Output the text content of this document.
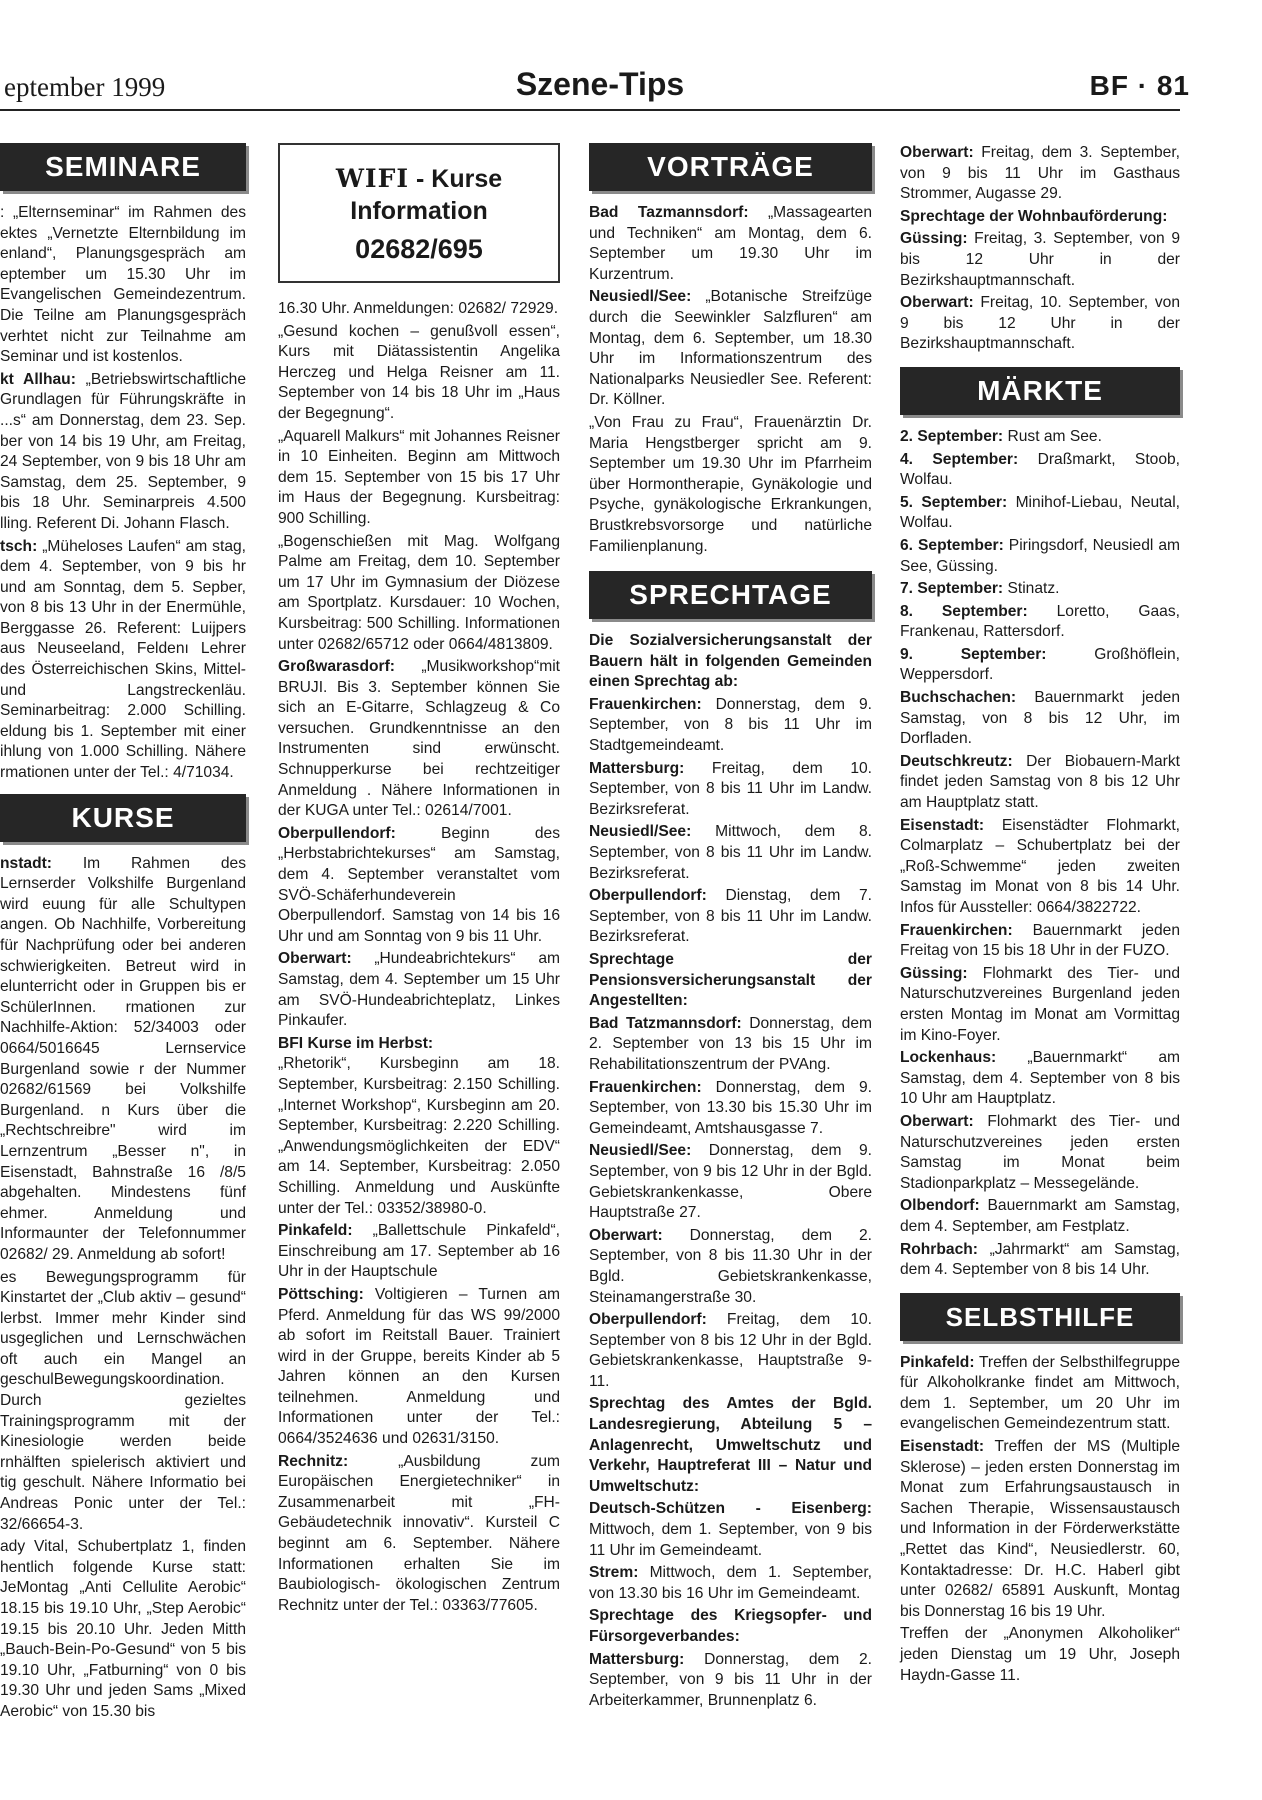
eptember 1999	Szene-Tips	BF · 81
SEMINARE

: „Elternseminar“ im Rahmen des ektes „Vernetzte Elternbildung im enland“, Planungsgespräch am eptember um 15.30 Uhr im Evangelischen Gemeindezentrum. Die Teilne am Planungsgespräch verhtet nicht zur Teilnahme am Seminar und ist kostenlos.

kt Allhau: „Betriebswirtschaftliche Grundlagen für Führungskräfte in ...s“ am Donnerstag, dem 23. Sep. ber von 14 bis 19 Uhr, am Freitag, 24 September, von 9 bis 18 Uhr am Samstag, dem 25. September, 9 bis 18 Uhr. Seminarpreis 4.500 lling. Referent Di. Johann Flasch.

tsch: „Müheloses Laufen“ am stag, dem 4. September, von 9 bis hr und am Sonntag, dem 5. Sepber, von 8 bis 13 Uhr in der Enermühle, Berggasse 26. Referent: Luijpers aus Neuseeland, Feldenı Lehrer des Österreichischen Skins, Mittel- und Langstreckenläu. Seminarbeitrag: 2.000 Schilling. eldung bis 1. September mit einer ihlung von 1.000 Schilling. Nähere rmationen unter der Tel.: 4/71034.

KURSE

nstadt: Im Rahmen des Lernserder Volkshilfe Burgenland wird euung für alle Schultypen angen. Ob Nachhilfe, Vorbereitung für Nachprüfung oder bei anderen schwierigkeiten. Betreut wird in elunterricht oder in Gruppen bis er SchülerInnen. rmationen zur Nachhilfe-Aktion: 52/34003 oder 0664/5016645 Lernservice Burgenland sowie r der Nummer 02682/61569 bei Volkshilfe Burgenland. n Kurs über die „Rechtschreibre" wird im Lernzentrum „Besser n", in Eisenstadt, Bahnstraße 16 /8/5 abgehalten. Mindestens fünf ehmer. Anmeldung und Informaunter der Telefonnummer 02682/ 29. Anmeldung ab sofort!

es Bewegungsprogramm für Kinstartet der „Club aktiv – gesund“ lerbst. Immer mehr Kinder sind usgeglichen und Lernschwächen oft auch ein Mangel an geschulBewegungskoordination. Durch gezieltes Trainingsprogramm mit der Kinesiologie werden beide rnhälften spielerisch aktiviert und tig geschult. Nähere Informatio bei Andreas Ponic unter der Tel.: 32/66654-3.

ady Vital, Schubertplatz 1, finden hentlich folgende Kurse statt: JeMontag „Anti Cellulite Aerobic“ 18.15 bis 19.10 Uhr, „Step Aerobic“ 19.15 bis 20.10 Uhr. Jeden Mitth „Bauch-Bein-Po-Gesund“ von 5 bis 19.10 Uhr, „Fatburning“ von 0 bis 19.30 Uhr und jeden Sams „Mixed Aerobic“ von 15.30 bis

WIFI - Kurse
Information
02682/695

16.30 Uhr. Anmeldungen: 02682/ 72929.

„Gesund kochen – genußvoll essen“, Kurs mit Diätassistentin Angelika Herczeg und Helga Reisner am 11. September von 14 bis 18 Uhr im „Haus der Begegnung“.

„Aquarell Malkurs“ mit Johannes Reisner in 10 Einheiten. Beginn am Mittwoch dem 15. September von 15 bis 17 Uhr im Haus der Begegnung. Kursbeitrag: 900 Schilling.

„Bogenschießen mit Mag. Wolfgang Palme am Freitag, dem 10. September um 17 Uhr im Gymnasium der Diözese am Sportplatz. Kursdauer: 10 Wochen, Kursbeitrag: 500 Schilling. Informationen unter 02682/65712 oder 0664/4813809.

Großwarasdorf: „Musikworkshop“mit BRUJI. Bis 3. September können Sie sich an E-Gitarre, Schlagzeug & Co versuchen. Grundkenntnisse an den Instrumenten sind erwünscht. Schnupperkurse bei rechtzeitiger Anmeldung . Nähere Informationen in der KUGA unter Tel.: 02614/7001.

Oberpullendorf: Beginn des „Herbstabrichtekurses“ am Samstag, dem 4. September veranstaltet vom SVÖ-Schäferhundeverein Oberpullendorf. Samstag von 14 bis 16 Uhr und am Sonntag von 9 bis 11 Uhr.

Oberwart: „Hundeabrichtekurs“ am Samstag, dem 4. September um 15 Uhr am SVÖ-Hundeabrichteplatz, Linkes Pinkaufer.

BFI Kurse im Herbst:
„Rhetorik“, Kursbeginn am 18. September, Kursbeitrag: 2.150 Schilling. „Internet Workshop“, Kursbeginn am 20. September, Kursbeitrag: 2.220 Schilling. „Anwendungsmöglichkeiten der EDV“ am 14. September, Kursbeitrag: 2.050 Schilling. Anmeldung und Auskünfte unter der Tel.: 03352/38980-0.

Pinkafeld: „Ballettschule Pinkafeld“, Einschreibung am 17. September ab 16 Uhr in der Hauptschule

Pöttsching: Voltigieren – Turnen am Pferd. Anmeldung für das WS 99/2000 ab sofort im Reitstall Bauer. Trainiert wird in der Gruppe, bereits Kinder ab 5 Jahren können an den Kursen teilnehmen. Anmeldung und Informationen unter der Tel.: 0664/3524636 und 02631/3150.

Rechnitz: „Ausbildung zum Europäischen Energietechniker“ in Zusammenarbeit mit „FH-Gebäudetechnik innovativ“. Kursteil C beginnt am 6. September. Nähere Informationen erhalten Sie im Baubiologisch- ökologischen Zentrum Rechnitz unter der Tel.: 03363/77605.

VORTRÄGE

Bad Tazmannsdorf: „Massagearten und Techniken“ am Montag, dem 6. September um 19.30 Uhr im Kurzentrum.

Neusiedl/See: „Botanische Streifzüge durch die Seewinkler Salzfluren“ am Montag, dem 6. September, um 18.30 Uhr im Informationszentrum des Nationalparks Neusiedler See. Referent: Dr. Köllner.

„Von Frau zu Frau“, Frauenärztin Dr. Maria Hengstberger spricht am 9. September um 19.30 Uhr im Pfarrheim über Hormontherapie, Gynäkologie und Psyche, gynäkologische Erkrankungen, Brustkrebsvorsorge und natürliche Familienplanung.

SPRECHTAGE

Die Sozialversicherungsanstalt der Bauern hält in folgenden Gemeinden einen Sprechtag ab:

Frauenkirchen: Donnerstag, dem 9. September, von 8 bis 11 Uhr im Stadtgemeindeamt.

Mattersburg: Freitag, dem 10. September, von 8 bis 11 Uhr im Landw. Bezirksreferat.

Neusiedl/See: Mittwoch, dem 8. September, von 8 bis 11 Uhr im Landw. Bezirksreferat.

Oberpullendorf: Dienstag, dem 7. September, von 8 bis 11 Uhr im Landw. Bezirksreferat.

Sprechtage der Pensionsversicherungsanstalt der Angestellten:

Bad Tatzmannsdorf: Donnerstag, dem 2. September von 13 bis 15 Uhr im Rehabilitationszentrum der PVAng.

Frauenkirchen: Donnerstag, dem 9. September, von 13.30 bis 15.30 Uhr im Gemeindeamt, Amtshausgasse 7.

Neusiedl/See: Donnerstag, dem 9. September, von 9 bis 12 Uhr in der Bgld. Gebietskrankenkasse, Obere Hauptstraße 27.

Oberwart: Donnerstag, dem 2. September, von 8 bis 11.30 Uhr in der Bgld. Gebietskrankenkasse, Steinamangerstraße 30.

Oberpullendorf: Freitag, dem 10. September von 8 bis 12 Uhr in der Bgld. Gebietskrankenkasse, Hauptstraße 9-11.

Sprechtag des Amtes der Bgld. Landesregierung, Abteilung 5 – Anlagenrecht, Umweltschutz und Verkehr, Hauptreferat III – Natur und Umweltschutz:

Deutsch-Schützen - Eisenberg: Mittwoch, dem 1. September, von 9 bis 11 Uhr im Gemeindeamt.

Strem: Mittwoch, dem 1. September, von 13.30 bis 16 Uhr im Gemeindeamt.

Sprechtage des Kriegsopfer- und Fürsorgeverbandes:

Mattersburg: Donnerstag, dem 2. September, von 9 bis 11 Uhr in der Arbeiterkammer, Brunnenplatz 6.

Oberwart: Freitag, dem 3. September, von 9 bis 11 Uhr im Gasthaus Strommer, Augasse 29.

Sprechtage der Wohnbauförderung:

Güssing: Freitag, 3. September, von 9 bis 12 Uhr in der Bezirkshauptmannschaft.

Oberwart: Freitag, 10. September, von 9 bis 12 Uhr in der Bezirkshauptmannschaft.

MÄRKTE

2. September: Rust am See.

4. September: Draßmarkt, Stoob, Wolfau.

5. September: Minihof-Liebau, Neutal, Wolfau.

6. September: Piringsdorf, Neusiedl am See, Güssing.

7. September: Stinatz.

8. September: Loretto, Gaas, Frankenau, Rattersdorf.

9. September: Großhöflein, Weppersdorf.

Buchschachen: Bauernmarkt jeden Samstag, von 8 bis 12 Uhr, im Dorfladen.

Deutschkreutz: Der Biobauern-Markt findet jeden Samstag von 8 bis 12 Uhr am Hauptplatz statt.

Eisenstadt: Eisenstädter Flohmarkt, Colmarplatz – Schubertplatz bei der „Roß-Schwemme“ jeden zweiten Samstag im Monat von 8 bis 14 Uhr. Infos für Aussteller: 0664/3822722.

Frauenkirchen: Bauernmarkt jeden Freitag von 15 bis 18 Uhr in der FUZO.

Güssing: Flohmarkt des Tier- und Naturschutzvereines Burgenland jeden ersten Montag im Monat am Vormittag im Kino-Foyer.

Lockenhaus: „Bauernmarkt“ am Samstag, dem 4. September von 8 bis 10 Uhr am Hauptplatz.

Oberwart: Flohmarkt des Tier- und Naturschutzvereines jeden ersten Samstag im Monat beim Stadionparkplatz – Messegelände.

Olbendorf: Bauernmarkt am Samstag, dem 4. September, am Festplatz.

Rohrbach: „Jahrmarkt“ am Samstag, dem 4. September von 8 bis 14 Uhr.

SELBSTHILFE

Pinkafeld: Treffen der Selbsthilfegruppe für Alkoholkranke findet am Mittwoch, dem 1. September, um 20 Uhr im evangelischen Gemeindezentrum statt.

Eisenstadt: Treffen der MS (Multiple Sklerose) – jeden ersten Donnerstag im Monat zum Erfahrungsaustausch in Sachen Therapie, Wissensaustausch und Information in der Förderwerkstätte „Rettet das Kind“, Neusiedlerstr. 60, Kontaktadresse: Dr. H.C. Haberl gibt unter 02682/ 65891 Auskunft, Montag bis Donnerstag 16 bis 19 Uhr.

Treffen der „Anonymen Alkoholiker“ jeden Dienstag um 19 Uhr, Joseph Haydn-Gasse 11.
